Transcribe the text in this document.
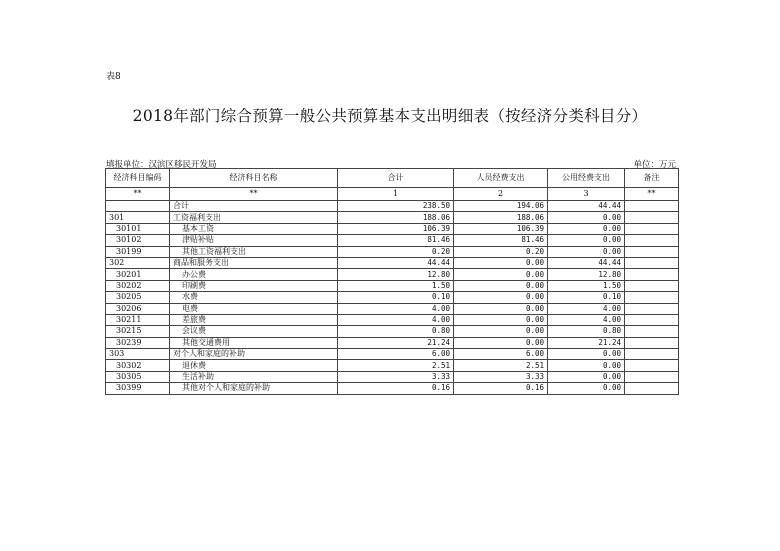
表8
2018年部门综合预算一般公共预算基本支出明细表（按经济分类科目分）
填报单位：汉滨区移民开发局	单位：万元
经济科目编码	经济科目名称	合计	人员经费支出	公用经费支出	备注
**	**	1	2	3	**
	合计	238.50	194.06	44.44	
301	工资福利支出	188.06	188.06	0.00	
30101	基本工资	106.39	106.39	0.00	
30102	津贴补贴	81.46	81.46	0.00	
30199	其他工资福利支出	0.20	0.20	0.00	
302	商品和服务支出	44.44	0.00	44.44	
30201	办公费	12.80	0.00	12.80	
30202	印刷费	1.50	0.00	1.50	
30205	水费	0.10	0.00	0.10	
30206	电费	4.00	0.00	4.00	
30211	差旅费	4.00	0.00	4.00	
30215	会议费	0.80	0.00	0.80	
30239	其他交通费用	21.24	0.00	21.24	
303	对个人和家庭的补助	6.00	6.00	0.00	
30302	退休费	2.51	2.51	0.00	
30305	生活补助	3.33	3.33	0.00	
30399	其他对个人和家庭的补助	0.16	0.16	0.00	
